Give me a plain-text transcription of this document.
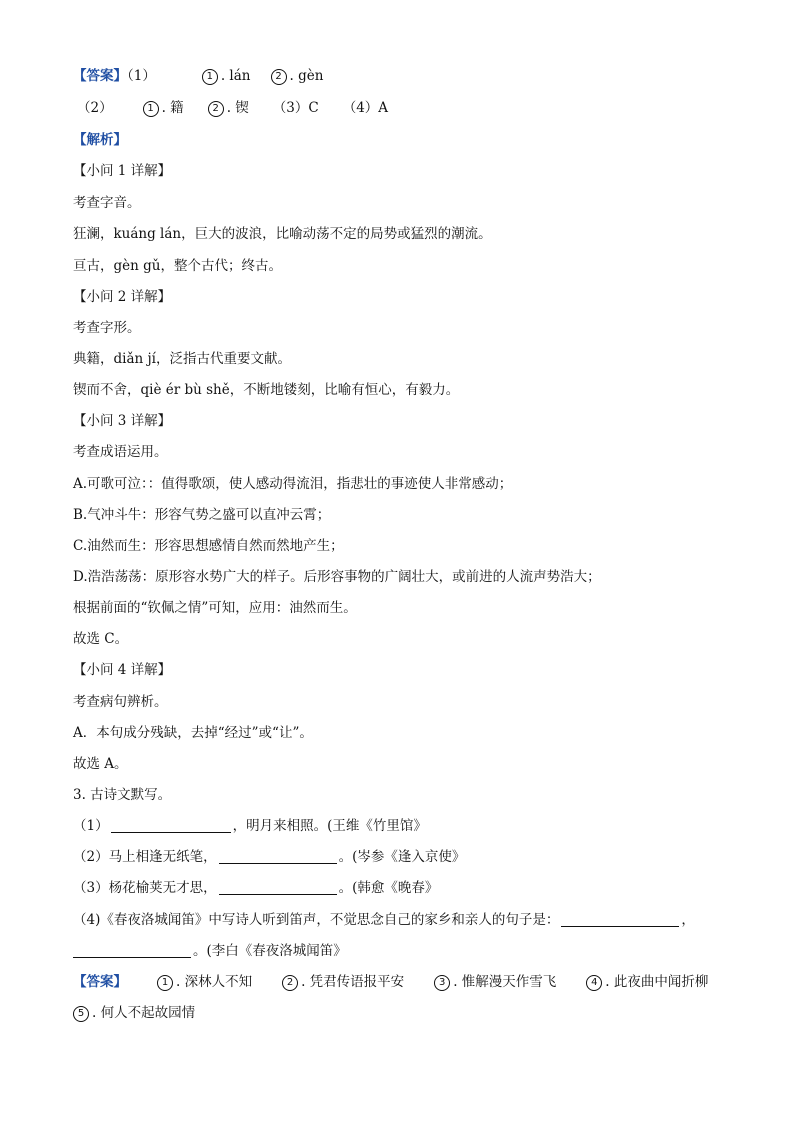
【答案】（1）	1 . lán 2 . gèn
（2）	1 . 籍	2 . 锲 （3）C （4）A
【解析】
【小问 1 详解】
考查字音。
狂澜，kuáng lán，巨大的波浪，比喻动荡不定的局势或猛烈的潮流。
亘古，gèn gǔ，整个古代；终古。
【小问 2 详解】
考查字形。
典籍，diǎn jí，泛指古代重要文献。
锲而不舍，qiè ér bù shě，不断地镂刻，比喻有恒心，有毅力。
【小问 3 详解】
考查成语运用。
A.可歌可泣：：值得歌颂，使人感动得流泪，指悲壮的事迹使人非常感动；
B.气冲斗牛：形容气势之盛可以直冲云霄；
C.油然而生：形容思想感情自然而然地产生；
D.浩浩荡荡：原形容水势广大的样子。后形容事物的广阔壮大，或前进的人流声势浩大；
根据前面的“钦佩之情”可知，应用：油然而生。
故选 C。
【小问 4 详解】
考查病句辨析。
A．本句成分残缺，去掉“经过”或“让”。
故选 A。
3. 古诗文默写。
（1）	，明月来相照。(王维《竹里馆》
（2）马上相逢无纸笔，	。(岑参《逢入京使》
（3）杨花榆荚无才思，	。(韩愈《晚春》
（4)《春夜洛城闻笛》中写诗人听到笛声，不觉思念自己的家乡和亲人的句子是：	，
。(李白《春夜洛城闻笛》
【答案】	1 . 深林人不知	2 . 凭君传语报平安	3 . 惟解漫天作雪飞	4 . 此夜曲中闻折柳
5 . 何人不起故园情
